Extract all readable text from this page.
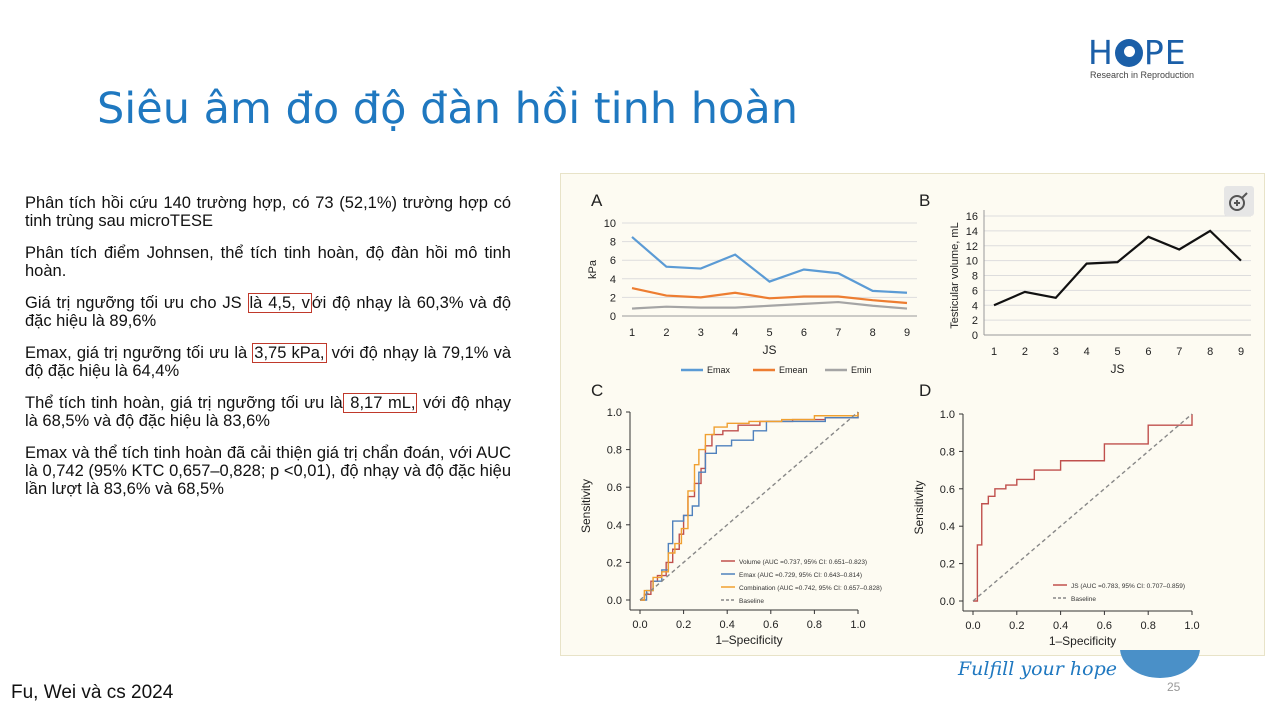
H PE
Research in Reproduction
Siêu âm đo độ đàn hồi tinh hoàn

Phân tích hồi cứu 140 trường hợp, có 73 (52,1%) trường hợp có tinh trùng sau microTESE

Phân tích điểm Johnsen, thể tích tinh hoàn, độ đàn hồi mô tinh hoàn.

Giá trị ngưỡng tối ưu cho JS là 4,5, v ới độ nhạy là 60,3% và độ đặc hiệu là 89,6%

Emax, giá trị ngưỡng tối ưu là 3,75 kPa, với độ nhạy là 79,1% và độ đặc hiệu là 64,4%

Thể tích tinh hoàn, giá trị ngưỡng tối ưu là 8,17 mL, với độ nhạy là 68,5% và độ đặc hiệu là 83,6%

Emax và thể tích tinh hoàn đã cải thiện giá trị chẩn đoán, với AUC là 0,742 (95% KTC 0,657–0,828; p <0,01), độ nhạy và độ đặc hiệu lần lượt là 83,6% và 68,5%

A
0
2
4
6
8
10
1	2	3	4	5	6	7	8	9
JS
kPa
Emax	Emean	Emin
B
0
2
4
6
8
10
12
14
16
1 2 3 4 5 6 7 8 9
JS
Testicular volume, mL
C
0.0
0.0
0.2
0.2
0.4
0.4
0.6
0.6
0.8
0.8
1.0
1.0
1–Specificity
Sensitivity
Volume (AUC =0.737, 95% CI: 0.651–0.823)
Emax (AUC =0.729, 95% CI: 0.643–0.814)
Combination (AUC =0.742, 95% CI: 0.657–0.828)
Baseline
D
0.0
0.0
0.2
0.2
0.4
0.4
0.6
0.6
0.8
0.8
1.0
1.0
1–Specificity
Sensitivity
JS (AUC =0.783, 95% CI: 0.707–0.859)
Baseline
Fu, Wei và cs 2024
Fulfill your hope
25
